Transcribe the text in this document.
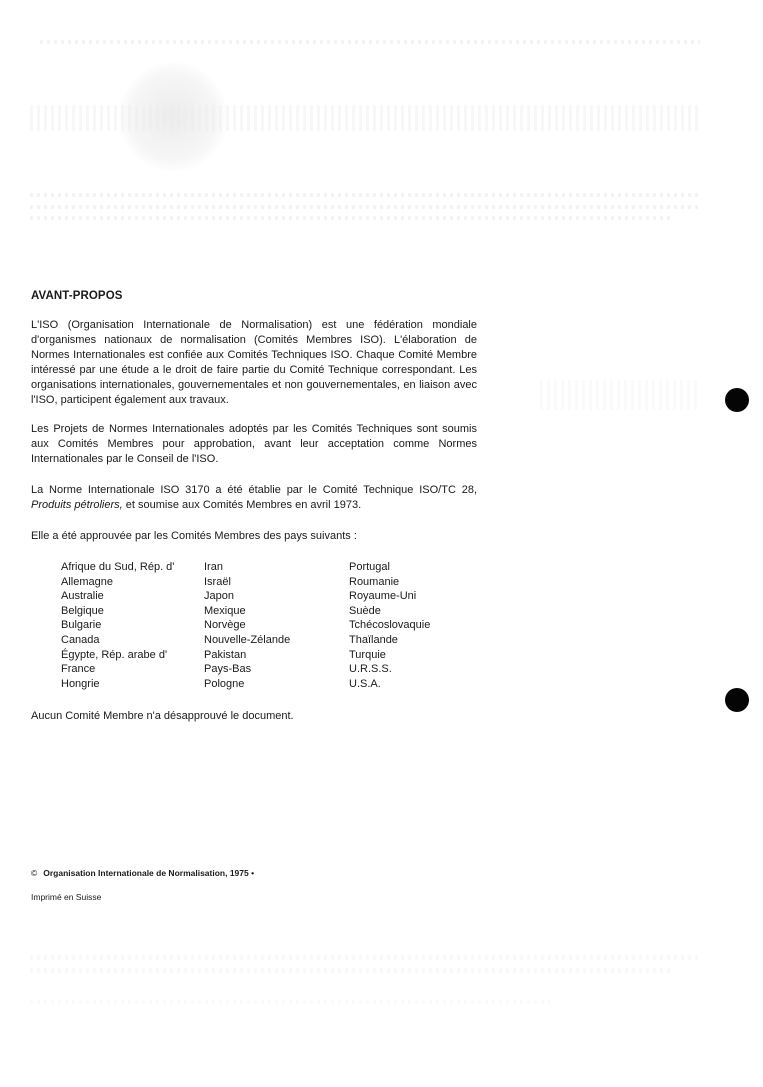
AVANT-PROPOS

L'ISO (Organisation Internationale de Normalisation) est une fédération mondiale d'organismes nationaux de normalisation (Comités Membres ISO). L'élaboration de Normes Internationales est confiée aux Comités Techniques ISO. Chaque Comité Membre intéressé par une étude a le droit de faire partie du Comité Technique correspondant. Les organisations internationales, gouvernementales et non gouvernementales, en liaison avec l'ISO, participent également aux travaux.

Les Projets de Normes Internationales adoptés par les Comités Techniques sont soumis aux Comités Membres pour approbation, avant leur acceptation comme Normes Internationales par le Conseil de l'ISO.

La Norme Internationale ISO 3170 a été établie par le Comité Technique ISO/TC 28, Produits pétroliers, et soumise aux Comités Membres en avril 1973.

Elle a été approuvée par les Comités Membres des pays suivants :

Afrique du Sud, Rép. d'
Allemagne
Australie
Belgique
Bulgarie
Canada
Égypte, Rép. arabe d'
France
Hongrie
Iran
Israël
Japon
Mexique
Norvège
Nouvelle-Zélande
Pakistan
Pays-Bas
Pologne
Portugal
Roumanie
Royaume-Uni
Suède
Tchécoslovaquie
Thaïlande
Turquie
U.R.S.S.
U.S.A.

Aucun Comité Membre n'a désapprouvé le document.

© Organisation Internationale de Normalisation, 1975 •
Imprimé en Suisse
